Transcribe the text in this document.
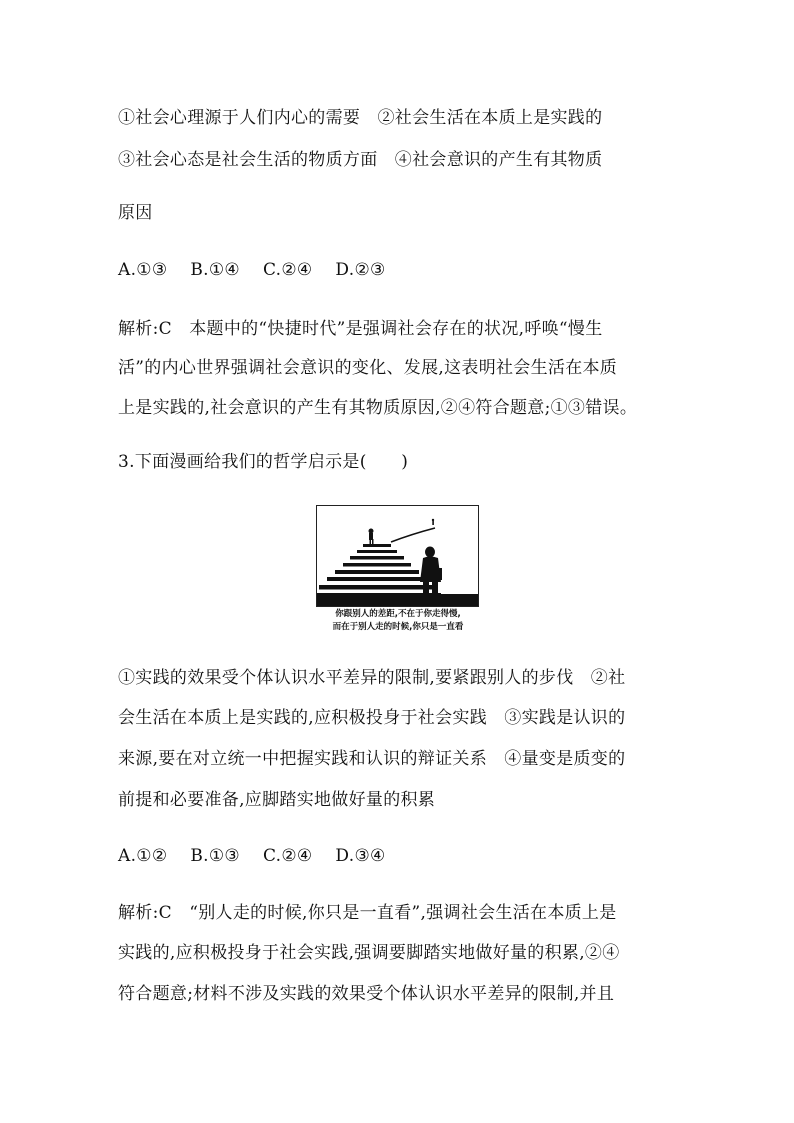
①社会心理源于人们内心的需要　②社会生活在本质上是实践的
③社会心态是社会生活的物质方面　④社会意识的产生有其物质
原因
A.①③　 B.①④　 C.②④　 D.②③
解析:C　本题中的“快捷时代”是强调社会存在的状况,呼唤“慢生
活”的内心世界强调社会意识的变化、发展,这表明社会生活在本质
上是实践的,社会意识的产生有其物质原因,②④符合题意;①③错误。
3.下面漫画给我们的哲学启示是(　　)
你跟别人的差距,不在于你走得慢,
而在于别人走的时候,你只是一直看
①实践的效果受个体认识水平差异的限制,要紧跟别人的步伐　②社
会生活在本质上是实践的,应积极投身于社会实践　③实践是认识的
来源,要在对立统一中把握实践和认识的辩证关系　④量变是质变的
前提和必要准备,应脚踏实地做好量的积累
A.①②　 B.①③　 C.②④　 D.③④
解析:C　“别人走的时候,你只是一直看”,强调社会生活在本质上是
实践的,应积极投身于社会实践,强调要脚踏实地做好量的积累,②④
符合题意;材料不涉及实践的效果受个体认识水平差异的限制,并且
